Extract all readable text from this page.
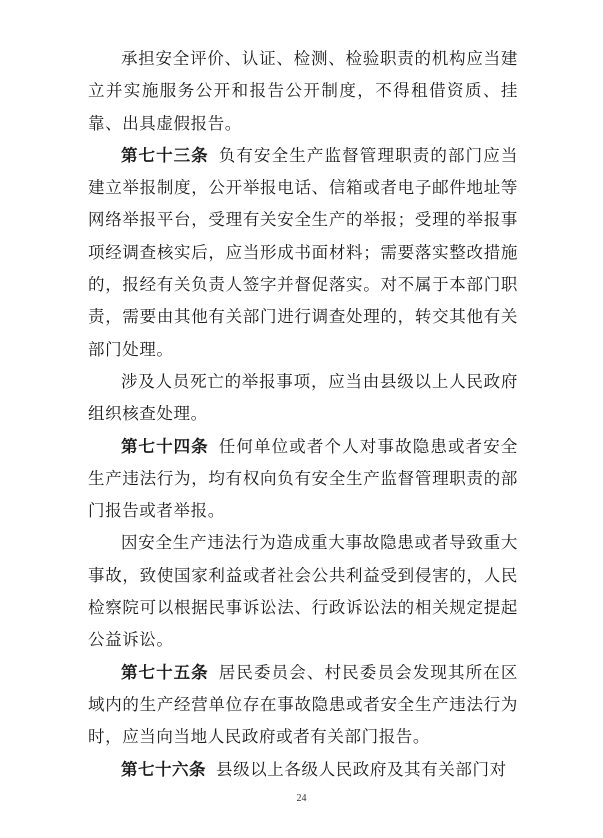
承担安全评价、认证、检测、检验职责的机构应当建立并实施服务公开和报告公开制度，不得租借资质、挂靠、出具虚假报告。

第七十三条 负有安全生产监督管理职责的部门应当建立举报制度，公开举报电话、信箱或者电子邮件地址等网络举报平台，受理有关安全生产的举报；受理的举报事项经调查核实后，应当形成书面材料；需要落实整改措施的，报经有关负责人签字并督促落实。对不属于本部门职责，需要由其他有关部门进行调查处理的，转交其他有关部门处理。

涉及人员死亡的举报事项，应当由县级以上人民政府组织核查处理。

第七十四条 任何单位或者个人对事故隐患或者安全生产违法行为，均有权向负有安全生产监督管理职责的部门报告或者举报。

因安全生产违法行为造成重大事故隐患或者导致重大事故，致使国家利益或者社会公共利益受到侵害的，人民检察院可以根据民事诉讼法、行政诉讼法的相关规定提起公益诉讼。

第七十五条 居民委员会、村民委员会发现其所在区域内的生产经营单位存在事故隐患或者安全生产违法行为时，应当向当地人民政府或者有关部门报告。

第七十六条 县级以上各级人民政府及其有关部门对

24
